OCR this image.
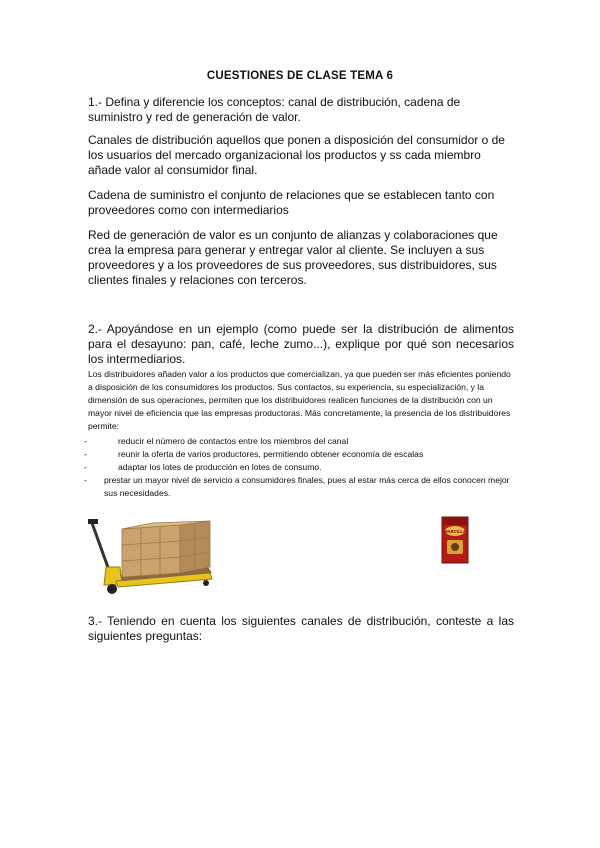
CUESTIONES DE CLASE TEMA 6
1.- Defina y diferencie los conceptos: canal de distribución, cadena de suministro y red de generación de valor.
Canales de distribución aquellos que ponen a disposición del consumidor o de los usuarios del mercado organizacional los productos y ss cada miembro añade valor al consumidor final.
Cadena de suministro el conjunto de relaciones que se establecen tanto con proveedores como con intermediarios
Red de generación de valor es un conjunto de alianzas y colaboraciones que crea la empresa para generar y entregar valor al cliente. Se incluyen a sus proveedores y a los proveedores de sus proveedores, sus distribuidores, sus clientes finales y relaciones con terceros.
2.- Apoyándose en un ejemplo (como puede ser la distribución de alimentos para el desayuno: pan, café, leche zumo...), explique por qué son necesarios los intermediarios.
Los distribuidores añaden valor a los productos que comercializan, ya que pueden ser más eficientes poniendo a disposición de los consumidores los productos. Sus contactos, su experiencia, su especialización, y la dimensión de sus operaciones, permiten que los distribuidores realicen funciones de la distribución con un mayor nivel de eficiencia que las empresas productoras. Más concretamente, la presencia de los distribuidores permite:
-	reducir el número de contactos entre los miembros del canal
-	reunir la oferta de varios productores, permitiendo obtener economía de escalas
-	adaptar los lotes de producción en lotes de consumo.
-	prestar un mayor nivel de servicio a consumidores finales, pues al estar más cerca de ellos conocen mejor sus necesidades.
MARCILLA
3.- Teniendo en cuenta los siguientes canales de distribución, conteste a las siguientes preguntas:
